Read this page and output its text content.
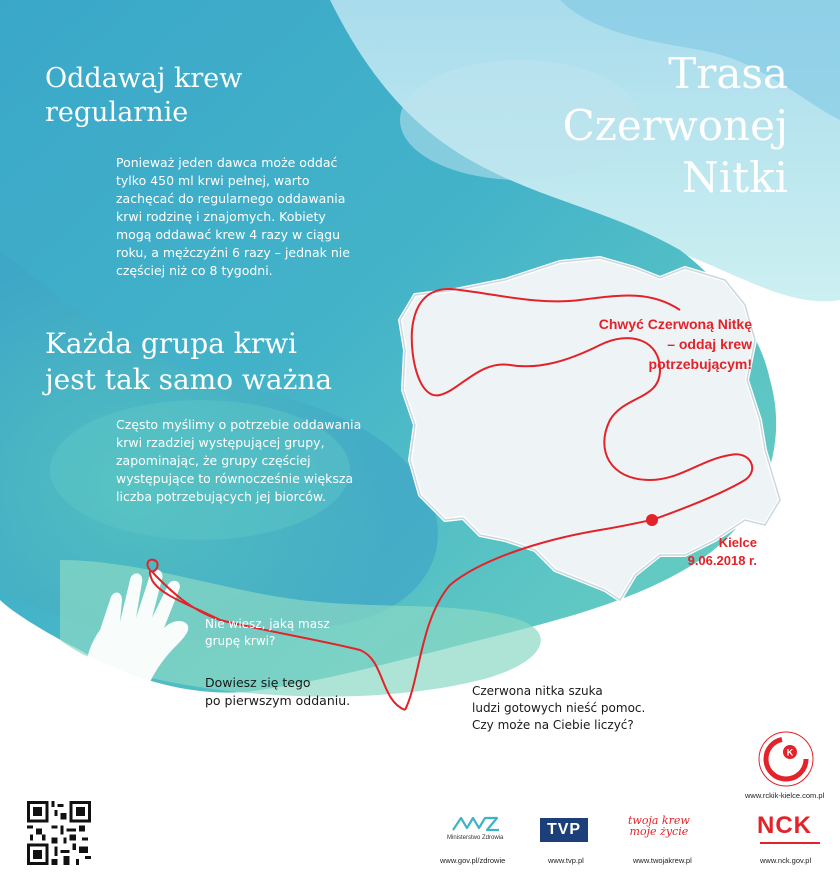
Oddawaj krew
regularnie
Ponieważ jeden dawca może oddać
tylko 450 ml krwi pełnej, warto
zachęcać do regularnego oddawania
krwi rodzinę i znajomych. Kobiety
mogą oddawać krew 4 razy w ciągu
roku, a mężczyźni 6 razy – jednak nie
częściej niż co 8 tygodni.
Każda grupa krwi
jest tak samo ważna
Często myślimy o potrzebie oddawania
krwi rzadziej występującej grupy,
zapominając, że grupy częściej
występujące to równocześnie większa
liczba potrzebujących jej biorców.
Trasa
Czerwonej
Nitki
Chwyć Czerwoną Nitkę
– oddaj krew
potrzebującym!
Kielce
9.06.2018 r.
Nie wiesz, jaką masz
grupę krwi?
Dowiesz się tego
po pierwszym oddaniu.
Czerwona nitka szuka
ludzi gotowych nieść pomoc.
Czy może na Ciebie liczyć?
K
www.rckik-kielce.com.pl
Ministerstwo Zdrowia
www.gov.pl/zdrowie
TVP
www.tvp.pl
twoja krew
moje życie
www.twojakrew.pl
NCK
www.nck.gov.pl
